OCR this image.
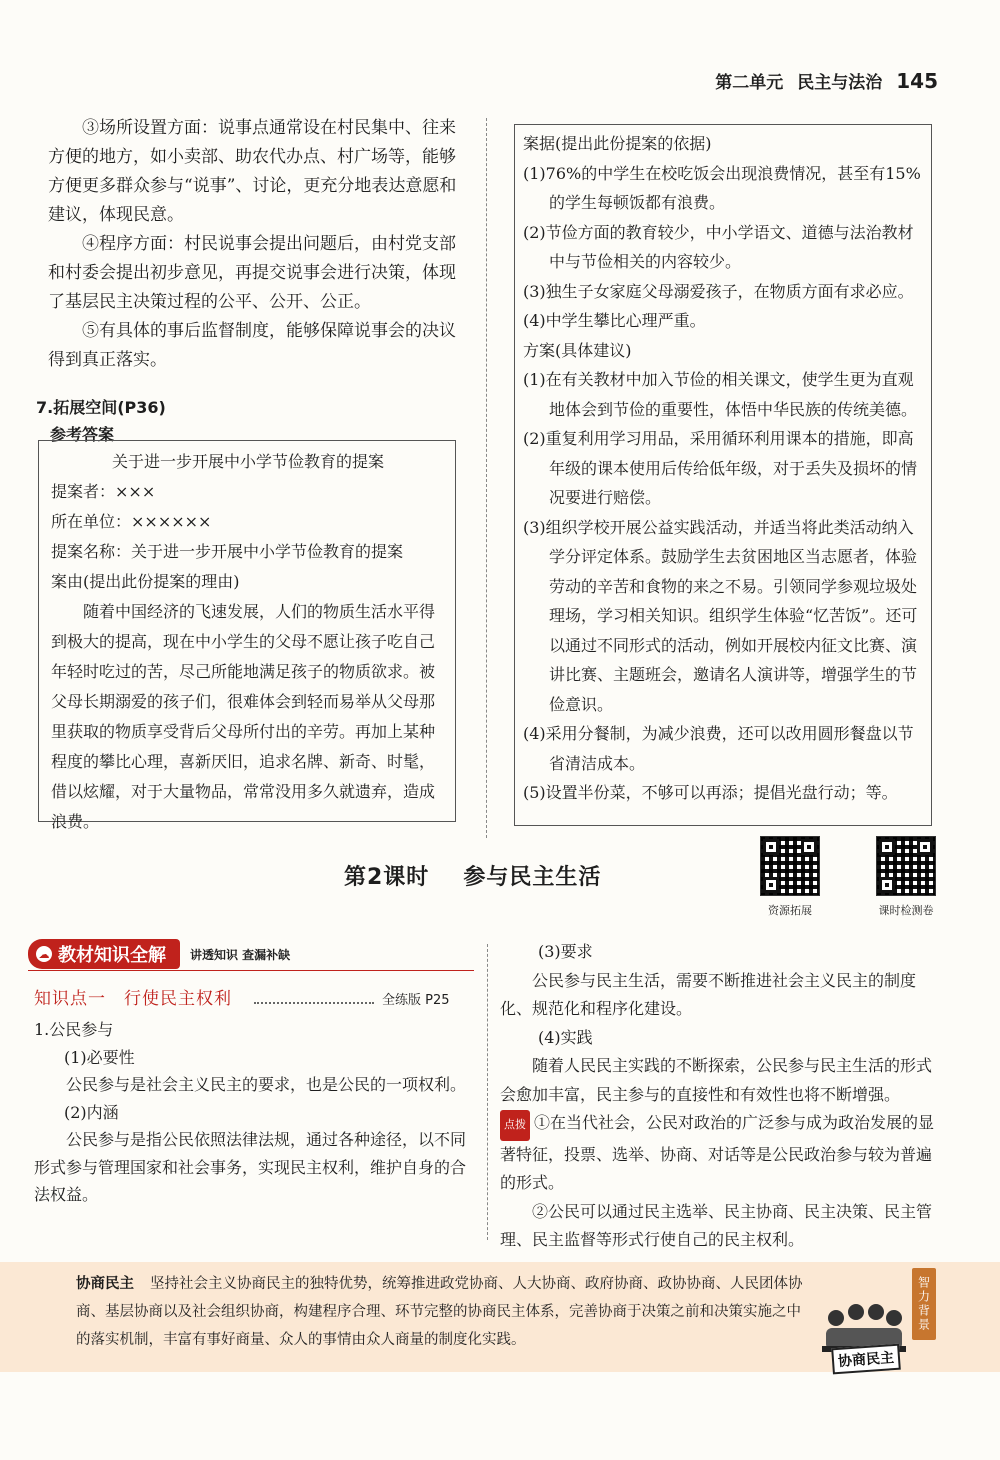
第二单元 民主与法治 145

③场所设置方面：说事点通常设在村民集中、往来方便的地方，如小卖部、助农代办点、村广场等，能够方便更多群众参与“说事”、讨论，更充分地表达意愿和建议，体现民意。

④程序方面：村民说事会提出问题后，由村党支部和村委会提出初步意见，再提交说事会进行决策，体现了基层民主决策过程的公平、公开、公正。

⑤有具体的事后监督制度，能够保障说事会的决议得到真正落实。

7.拓展空间(P36)
参考答案
关于进一步开展中小学节俭教育的提案

提案者：×××

所在单位：××××××

提案名称：关于进一步开展中小学节俭教育的提案

案由(提出此份提案的理由)

随着中国经济的飞速发展，人们的物质生活水平得到极大的提高，现在中小学生的父母不愿让孩子吃自己年轻时吃过的苦，尽己所能地满足孩子的物质欲求。被父母长期溺爱的孩子们，很难体会到轻而易举从父母那里获取的物质享受背后父母所付出的辛劳。再加上某种程度的攀比心理，喜新厌旧，追求名牌、新奇、时髦，借以炫耀，对于大量物品，常常没用多久就遗弃，造成浪费。

案据(提出此份提案的依据)

(1)76%的中学生在校吃饭会出现浪费情况，甚至有15%的学生每顿饭都有浪费。

(2)节俭方面的教育较少，中小学语文、道德与法治教材中与节俭相关的内容较少。

(3)独生子女家庭父母溺爱孩子，在物质方面有求必应。

(4)中学生攀比心理严重。

方案(具体建议)

(1)在有关教材中加入节俭的相关课文，使学生更为直观地体会到节俭的重要性，体悟中华民族的传统美德。

(2)重复利用学习用品，采用循环利用课本的措施，即高年级的课本使用后传给低年级，对于丢失及损坏的情况要进行赔偿。

(3)组织学校开展公益实践活动，并适当将此类活动纳入学分评定体系。鼓励学生去贫困地区当志愿者，体验劳动的辛苦和食物的来之不易。引领同学参观垃圾处理场，学习相关知识。组织学生体验“忆苦饭”。还可以通过不同形式的活动，例如开展校内征文比赛、演讲比赛、主题班会，邀请名人演讲等，增强学生的节俭意识。

(4)采用分餐制，为减少浪费，还可以改用圆形餐盘以节省清洁成本。

(5)设置半份菜，不够可以再添；提倡光盘行动；等。

第2课时 参与民主生活
资源拓展	课时检测卷
☁ 教材知识全解 讲透知识 查漏补缺
知识点一　行使民主权利	全练版 P25

1.公民参与

(1)必要性

公民参与是社会主义民主的要求，也是公民的一项权利。

(2)内涵

公民参与是指公民依照法律法规，通过各种途径，以不同形式参与管理国家和社会事务，实现民主权利，维护自身的合法权益。

(3)要求

公民参与民主生活，需要不断推进社会主义民主的制度化、规范化和程序化建设。

(4)实践

随着人民民主实践的不断探索，公民参与民主生活的形式会愈加丰富，民主参与的直接性和有效性也将不断增强。

点拨 ①在当代社会，公民对政治的广泛参与成为政治发展的显著特征，投票、选举、协商、对话等是公民政治参与较为普遍的形式。

②公民可以通过民主选举、民主协商、民主决策、民主管理、民主监督等形式行使自己的民主权利。

协商民主 坚持社会主义协商民主的独特优势，统筹推进政党协商、人大协商、政府协商、政协协商、人民团体协商、基层协商以及社会组织协商，构建程序合理、环节完整的协商民主体系，完善协商于决策之前和决策实施之中的落实机制，丰富有事好商量、众人的事情由众人商量的制度化实践。
智力背景
协商民主
